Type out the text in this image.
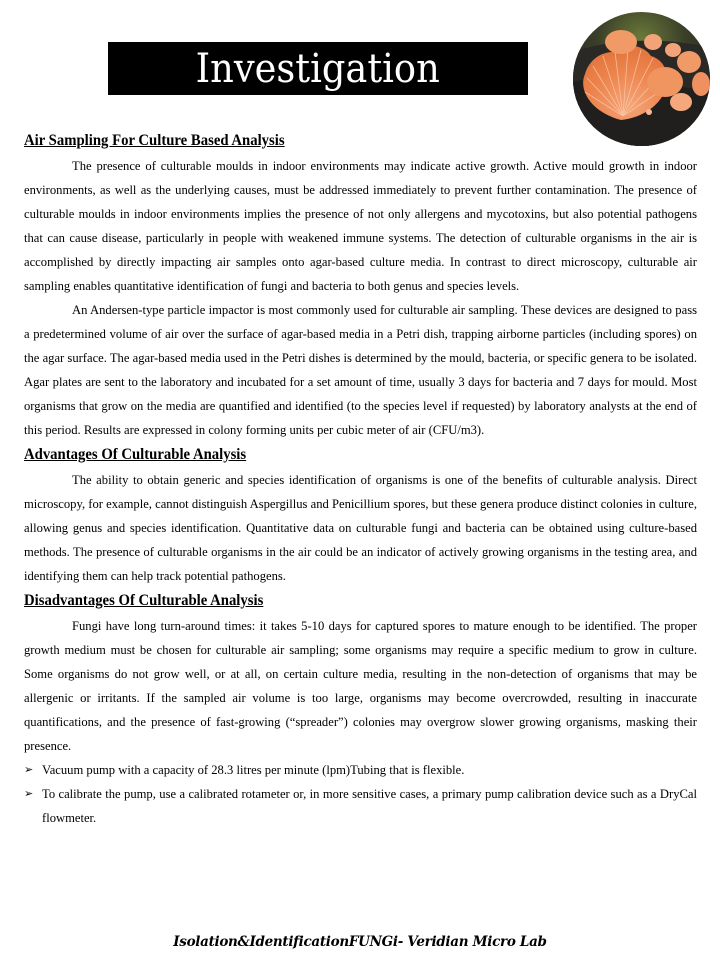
Investigation
Air Sampling For Culture Based Analysis

The presence of culturable moulds in indoor environments may indicate active growth. Active mould growth in indoor environments, as well as the underlying causes, must be addressed immediately to prevent further contamination. The presence of culturable moulds in indoor environments implies the presence of not only allergens and mycotoxins, but also potential pathogens that can cause disease, particularly in people with weakened immune systems. The detection of culturable organisms in the air is accomplished by directly impacting air samples onto agar-based culture media. In contrast to direct microscopy, culturable air sampling enables quantitative identification of fungi and bacteria to both genus and species levels.

An Andersen-type particle impactor is most commonly used for culturable air sampling. These devices are designed to pass a predetermined volume of air over the surface of agar-based media in a Petri dish, trapping airborne particles (including spores) on the agar surface. The agar-based media used in the Petri dishes is determined by the mould, bacteria, or specific genera to be isolated. Agar plates are sent to the laboratory and incubated for a set amount of time, usually 3 days for bacteria and 7 days for mould. Most organisms that grow on the media are quantified and identified (to the species level if requested) by laboratory analysts at the end of this period. Results are expressed in colony forming units per cubic meter of air (CFU/m3).

Advantages Of Culturable Analysis

The ability to obtain generic and species identification of organisms is one of the benefits of culturable analysis. Direct microscopy, for example, cannot distinguish Aspergillus and Penicillium spores, but these genera produce distinct colonies in culture, allowing genus and species identification. Quantitative data on culturable fungi and bacteria can be obtained using culture-based methods. The presence of culturable organisms in the air could be an indicator of actively growing organisms in the testing area, and identifying them can help track potential pathogens.

Disadvantages Of Culturable Analysis

Fungi have long turn-around times: it takes 5-10 days for captured spores to mature enough to be identified. The proper growth medium must be chosen for culturable air sampling; some organisms may require a specific medium to grow in culture. Some organisms do not grow well, or at all, on certain culture media, resulting in the non-detection of organisms that may be allergenic or irritants. If the sampled air volume is too large, organisms may become overcrowded, resulting in inaccurate quantifications, and the presence of fast-growing (“spreader”) colonies may overgrow slower growing organisms, masking their presence.

➢ Vacuum pump with a capacity of 28.3 litres per minute (lpm)Tubing that is flexible.
➢ To calibrate the pump, use a calibrated rotameter or, in more sensitive cases, a primary pump calibration device such as a DryCal flowmeter.
Isolation&IdentificationFUNGi- Veridian Micro Lab
